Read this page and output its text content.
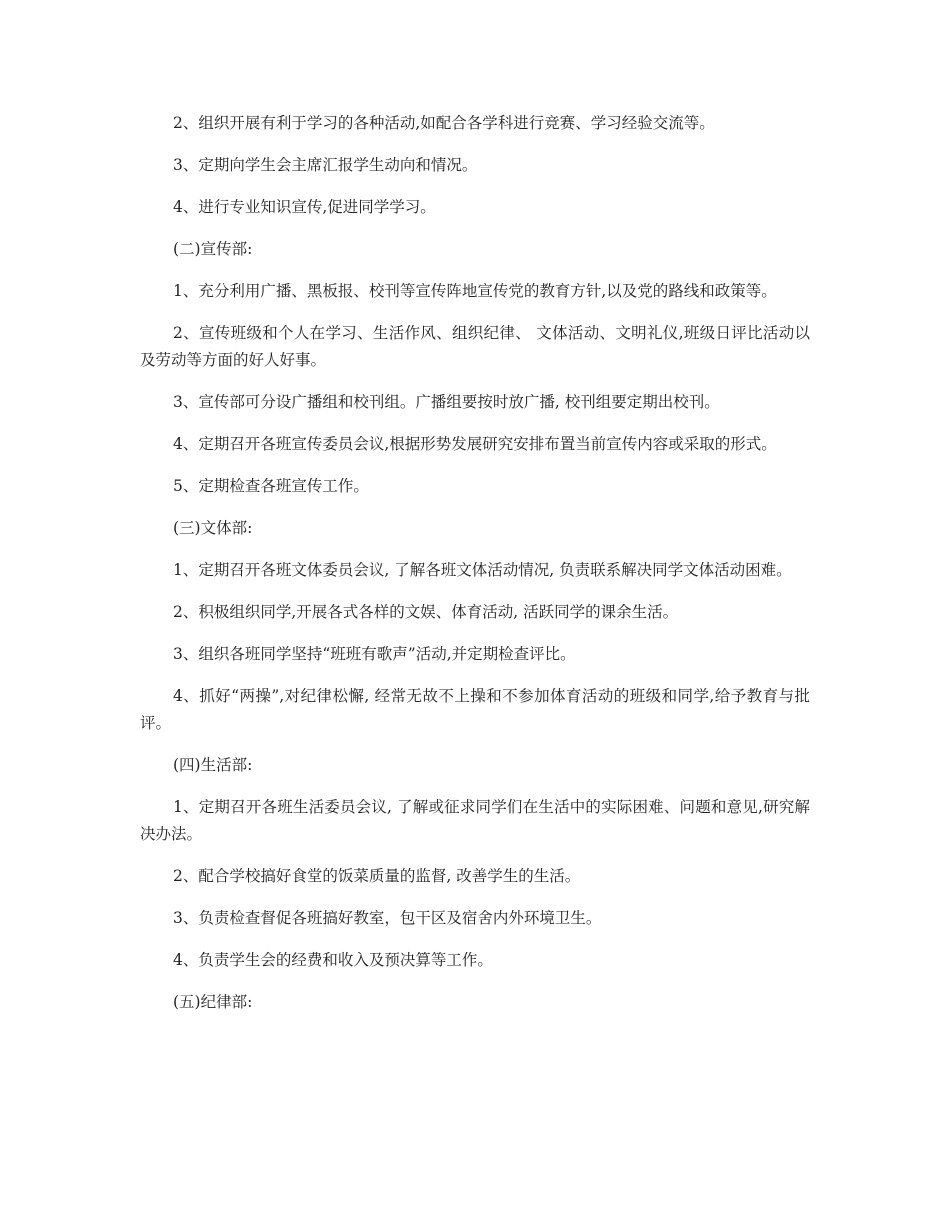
2、组织开展有利于学习的各种活动,如配合各学科进行竞赛、学习经验交流等。

3、定期向学生会主席汇报学生动向和情况。

4、进行专业知识宣传,促进同学学习。

(二)宣传部:

1、充分利用广播、黑板报、校刊等宣传阵地宣传党的教育方针,以及党的路线和政策等。

2、宣传班级和个人在学习、生活作风、组织纪律、 文体活动、文明礼仪,班级日评比活动以及劳动等方面的好人好事。

3、宣传部可分设广播组和校刊组。广播组要按时放广播, 校刊组要定期出校刊。

4、定期召开各班宣传委员会议,根据形势发展研究安排布置当前宣传内容或采取的形式。

5、定期检查各班宣传工作。

(三)文体部:

1、定期召开各班文体委员会议, 了解各班文体活动情况, 负责联系解决同学文体活动困难。

2、积极组织同学,开展各式各样的文娱、体育活动, 活跃同学的课余生活。

3、组织各班同学坚持“班班有歌声”活动,并定期检查评比。

4、抓好“两操”,对纪律松懈, 经常无故不上操和不参加体育活动的班级和同学,给予教育与批评。

(四)生活部:

1、定期召开各班生活委员会议, 了解或征求同学们在生活中的实际困难、问题和意见,研究解决办法。

2、配合学校搞好食堂的饭菜质量的监督, 改善学生的生活。

3、负责检查督促各班搞好教室，包干区及宿舍内外环境卫生。

4、负责学生会的经费和收入及预决算等工作。

(五)纪律部:
